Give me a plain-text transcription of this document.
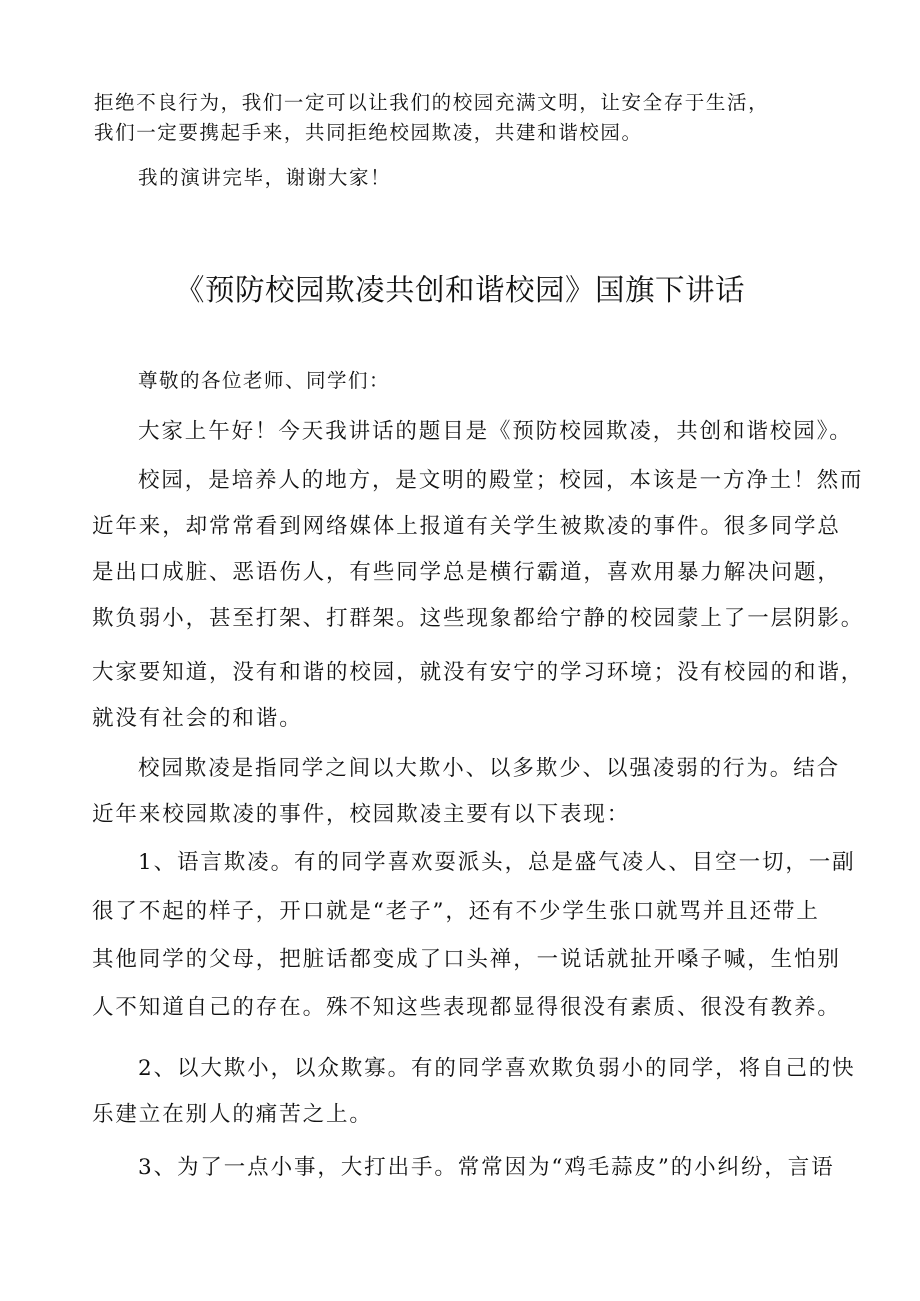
拒绝不良行为，我们一定可以让我们的校园充满文明，让安全存于生活，
我们一定要携起手来，共同拒绝校园欺凌，共建和谐校园。
我的演讲完毕，谢谢大家！
《预防校园欺凌共创和谐校园》国旗下讲话
尊敬的各位老师、同学们：
大家上午好！今天我讲话的题目是《预防校园欺凌，共创和谐校园》。
校园，是培养人的地方，是文明的殿堂；校园，本该是一方净土！然而
近年来，却常常看到网络媒体上报道有关学生被欺凌的事件。很多同学总
是出口成脏、恶语伤人，有些同学总是横行霸道，喜欢用暴力解决问题，
欺负弱小，甚至打架、打群架。这些现象都给宁静的校园蒙上了一层阴影。
大家要知道，没有和谐的校园，就没有安宁的学习环境；没有校园的和谐，
就没有社会的和谐。
校园欺凌是指同学之间以大欺小、以多欺少、以强凌弱的行为。结合
近年来校园欺凌的事件，校园欺凌主要有以下表现：
1、语言欺凌。有的同学喜欢耍派头，总是盛气凌人、目空一切，一副
很了不起的样子，开口就是“老子”，还有不少学生张口就骂并且还带上
其他同学的父母，把脏话都变成了口头禅，一说话就扯开嗓子喊，生怕别
人不知道自己的存在。殊不知这些表现都显得很没有素质、很没有教养。
2、以大欺小，以众欺寡。有的同学喜欢欺负弱小的同学，将自己的快
乐建立在别人的痛苦之上。
3、为了一点小事，大打出手。常常因为“鸡毛蒜皮”的小纠纷，言语
